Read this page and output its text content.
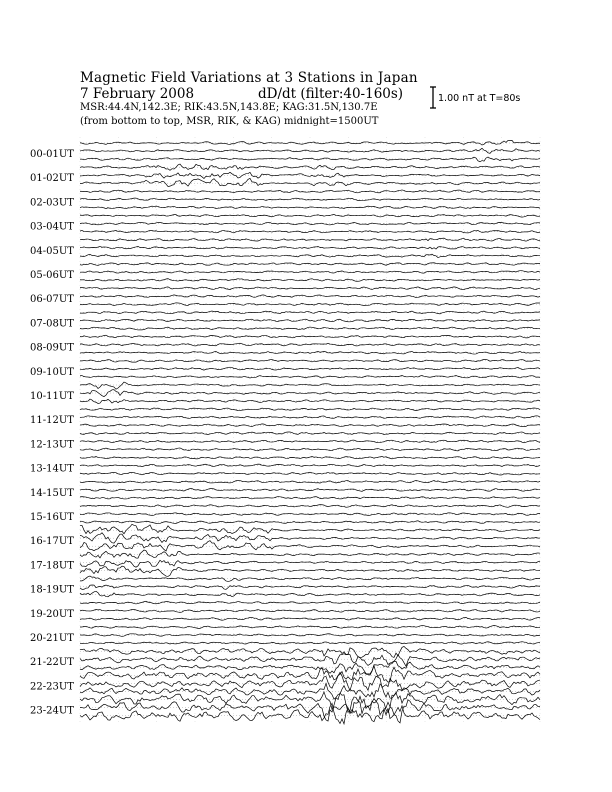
Magnetic Field Variations at 3 Stations in Japan
7 February 2008	dD/dt (filter:40-160s)
MSR:44.4N,142.3E; RIK:43.5N,143.8E; KAG:31.5N,130.7E
(from bottom to top, MSR, RIK, & KAG) midnight=1500UT
1.00 nT at T=80s
00-01UT
01-02UT
02-03UT
03-04UT
04-05UT
05-06UT
06-07UT
07-08UT
08-09UT
09-10UT
10-11UT
11-12UT
12-13UT
13-14UT
14-15UT
15-16UT
16-17UT
17-18UT
18-19UT
19-20UT
20-21UT
21-22UT
22-23UT
23-24UT
